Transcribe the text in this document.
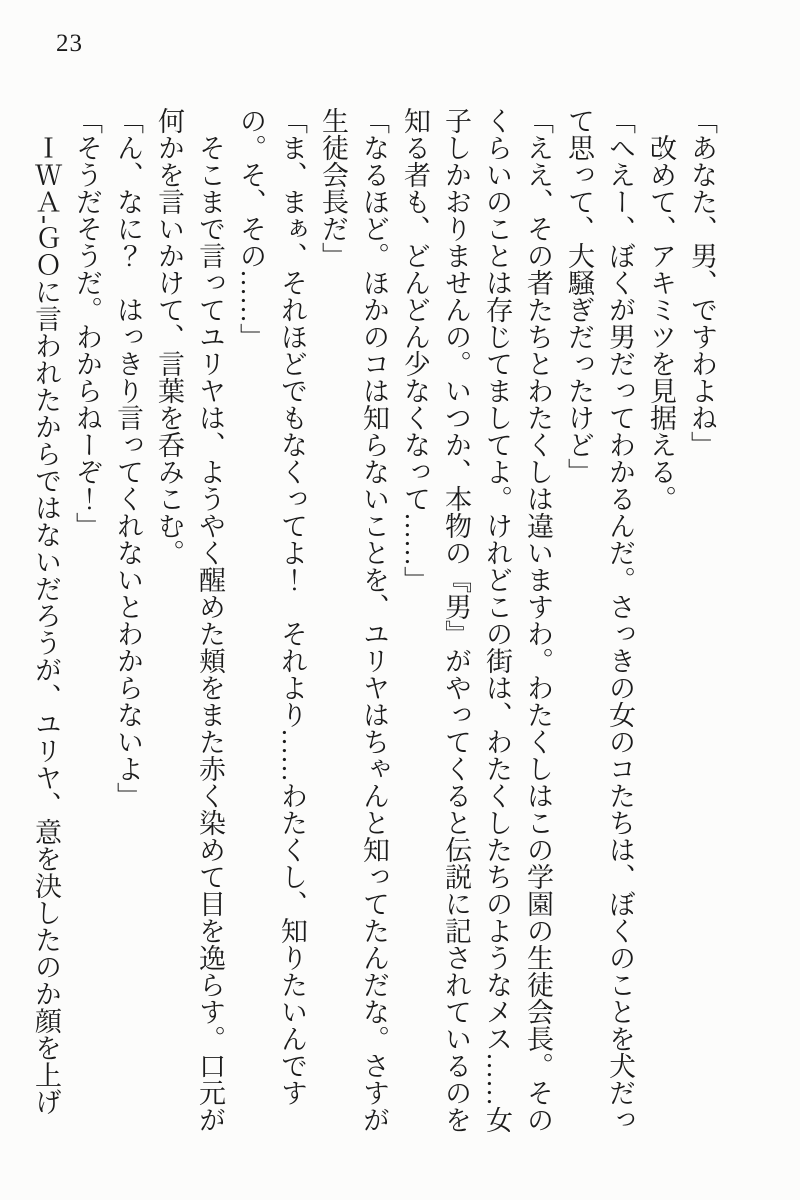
23

「あなた、男、ですわよね」

改めて、アキミツを見据える。

「へえー、ぼくが男だってわかるんだ。さっきの女のコたちは、ぼくのことを犬だって思って、大騒ぎだったけど」

「ええ、その者たちとわたくしは違いますわ。わたくしはこの学園の生徒会長。そのくらいのことは存じてましてよ。けれどこの街は、わたくしたちのようなメス……女子しかおりませんの。いつか、本物の『男』がやってくると伝説に記されているのを知る者も、どんどん少なくなって……」

「なるほど。ほかのコは知らないことを、ユリヤはちゃんと知ってたんだな。さすが生徒会長だ」

「ま、まぁ、それほどでもなくってよ！　それより……わたくし、知りたいんですの。そ、その……」

そこまで言ってユリヤは、ようやく醒めた頬をまた赤く染めて目を逸らす。口元が何かを言いかけて、言葉を呑みこむ。

「ん、なに？　はっきり言ってくれないとわからないよ」

「そうだそうだ。わからねーぞ！」

ＩＷＡ‐ＧＯに言われたからではないだろうが、ユリヤ、意を決したのか顔を上げ
